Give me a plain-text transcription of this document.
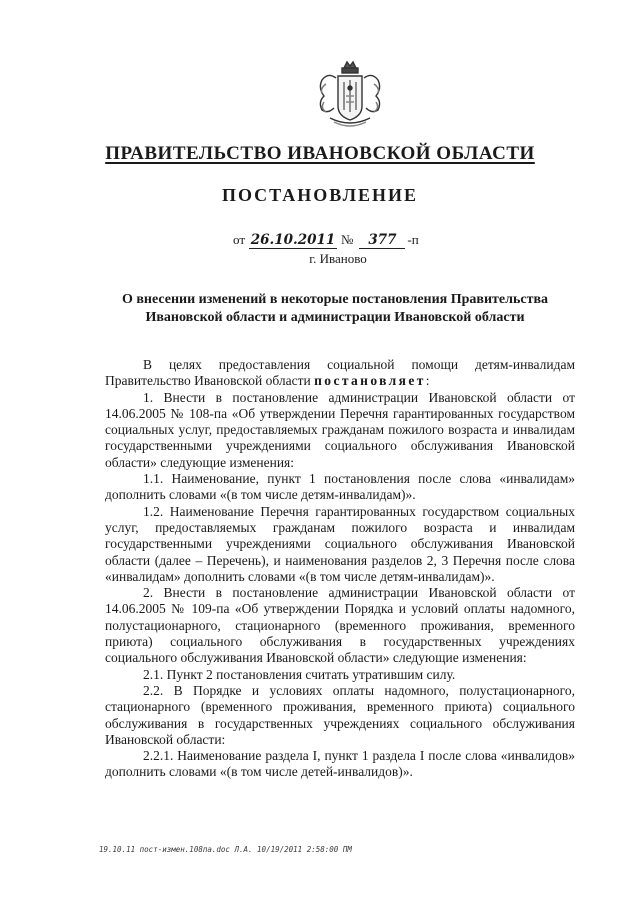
ПРАВИТЕЛЬСТВО ИВАНОВСКОЙ ОБЛАСТИ
ПОСТАНОВЛЕНИЕ
от 26.10.2011 № 377 -п
г. Иваново
О внесении изменений в некоторые постановления Правительства Ивановской области и администрации Ивановской области

В целях предоставления социальной помощи детям-инвалидам Правительство Ивановской области постановляет:

1. Внести в постановление администрации Ивановской области от 14.06.2005 № 108-па «Об утверждении Перечня гарантированных государством социальных услуг, предоставляемых гражданам пожилого возраста и инвалидам государственными учреждениями социального обслуживания Ивановской области» следующие изменения:

1.1. Наименование, пункт 1 постановления после слова «инвалидам» дополнить словами «(в том числе детям-инвалидам)».

1.2. Наименование Перечня гарантированных государством социальных услуг, предоставляемых гражданам пожилого возраста и инвалидам государственными учреждениями социального обслуживания Ивановской области (далее – Перечень), и наименования разделов 2, 3 Перечня после слова «инвалидам» дополнить словами «(в том числе детям-инвалидам)».

2. Внести в постановление администрации Ивановской области от 14.06.2005 № 109-па «Об утверждении Порядка и условий оплаты надомного, полустационарного, стационарного (временного проживания, временного приюта) социального обслуживания в государственных учреждениях социального обслуживания Ивановской области» следующие изменения:

2.1. Пункт 2 постановления считать утратившим силу.

2.2. В Порядке и условиях оплаты надомного, полустационарного, стационарного (временного проживания, временного приюта) социального обслуживания в государственных учреждениях социального обслуживания Ивановской области:

2.2.1. Наименование раздела I, пункт 1 раздела I после слова «инвалидов» дополнить словами «(в том числе детей-инвалидов)».

19.10.11 пост-измен.108па.doc Л.А. 10/19/2011 2:58:00 ПМ
